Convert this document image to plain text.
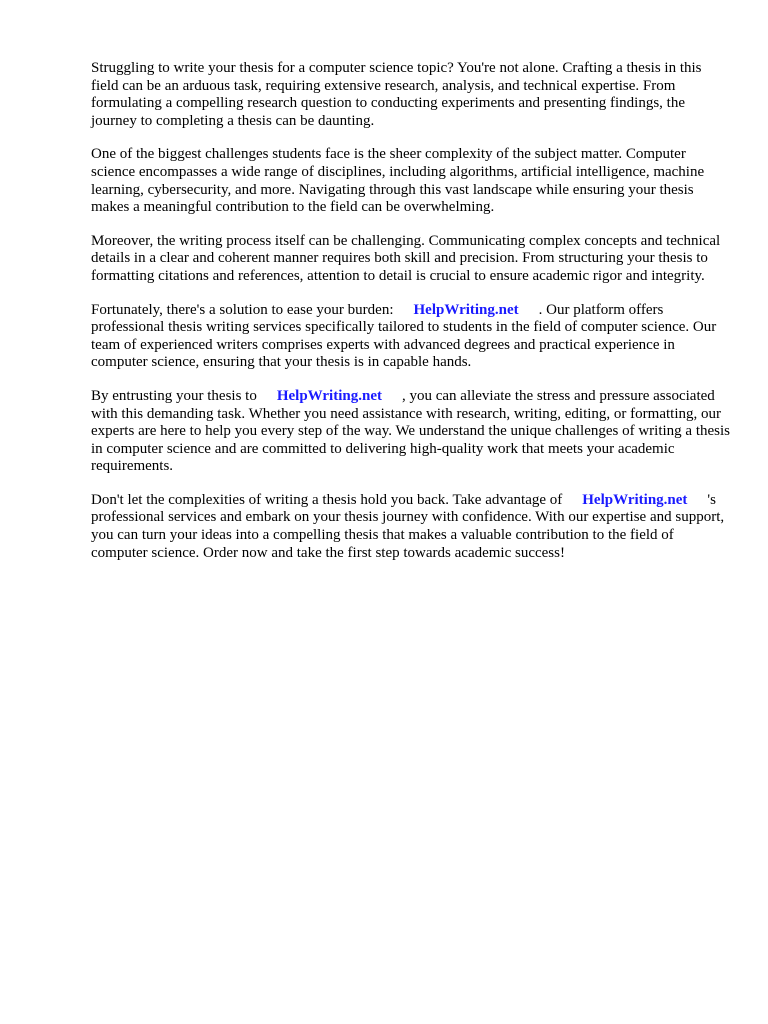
Struggling to write your thesis for a computer science topic? You're not alone. Crafting a thesis in this field can be an arduous task, requiring extensive research, analysis, and technical expertise. From formulating a compelling research question to conducting experiments and presenting findings, the journey to completing a thesis can be daunting.

One of the biggest challenges students face is the sheer complexity of the subject matter. Computer science encompasses a wide range of disciplines, including algorithms, artificial intelligence, machine learning, cybersecurity, and more. Navigating through this vast landscape while ensuring your thesis makes a meaningful contribution to the field can be overwhelming.

Moreover, the writing process itself can be challenging. Communicating complex concepts and technical details in a clear and coherent manner requires both skill and precision. From structuring your thesis to formatting citations and references, attention to detail is crucial to ensure academic rigor and integrity.

Fortunately, there's a solution to ease your burden: HelpWriting.net . Our platform offers professional thesis writing services specifically tailored to students in the field of computer science. Our team of experienced writers comprises experts with advanced degrees and practical experience in computer science, ensuring that your thesis is in capable hands.

By entrusting your thesis to HelpWriting.net , you can alleviate the stress and pressure associated with this demanding task. Whether you need assistance with research, writing, editing, or formatting, our experts are here to help you every step of the way. We understand the unique challenges of writing a thesis in computer science and are committed to delivering high-quality work that meets your academic requirements.

Don't let the complexities of writing a thesis hold you back. Take advantage of HelpWriting.net 's professional services and embark on your thesis journey with confidence. With our expertise and support, you can turn your ideas into a compelling thesis that makes a valuable contribution to the field of computer science. Order now and take the first step towards academic success!
